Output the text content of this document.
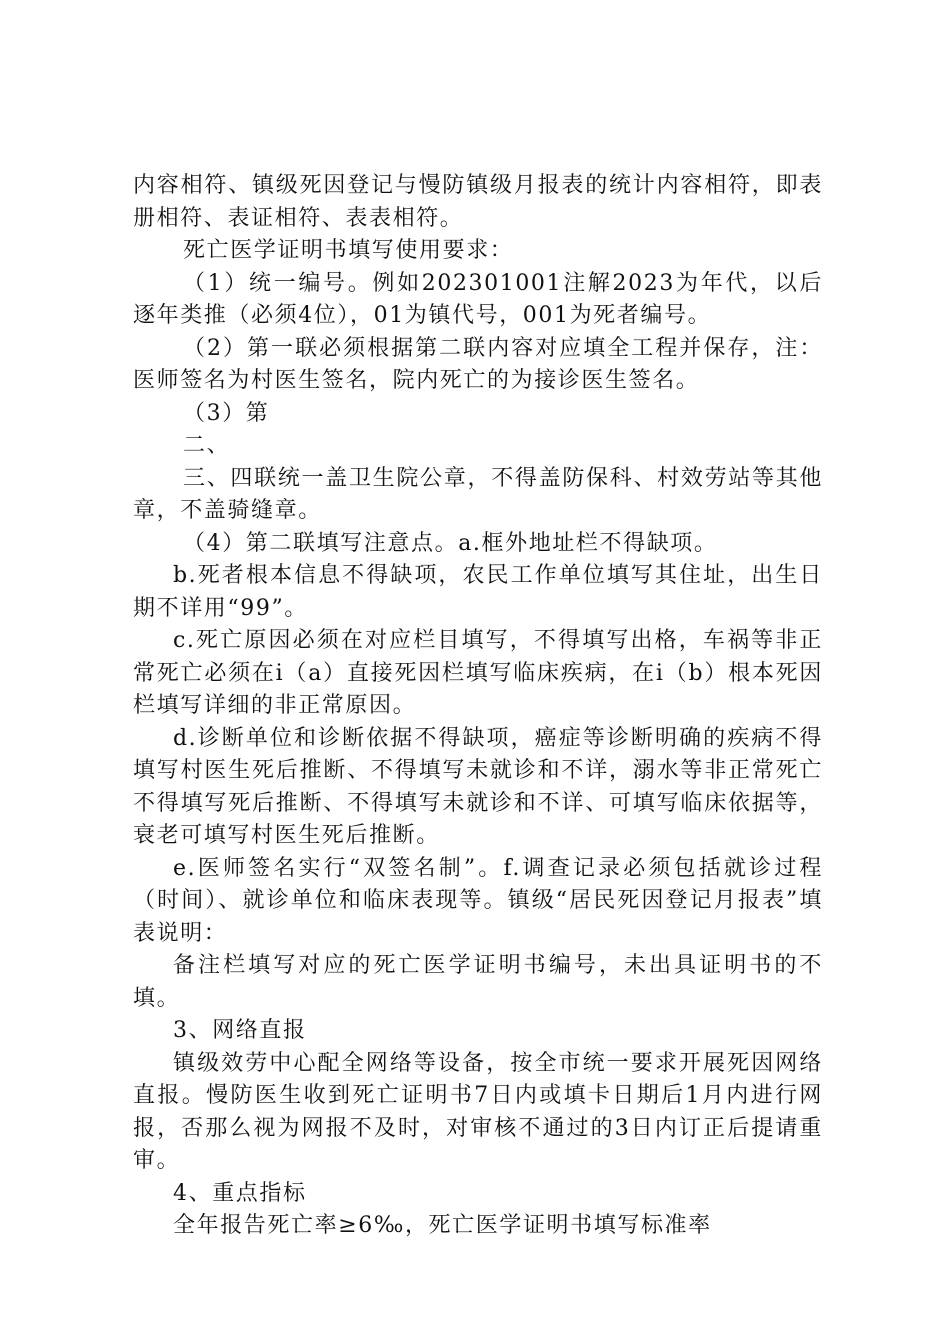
内容相符、镇级死因登记与慢防镇级月报表的统计内容相符，即表册相符、表证相符、表表相符。

死亡医学证明书填写使用要求：

（1）统一编号。例如202301001注解2023为年代，以后逐年类推（必须4位），01为镇代号，001为死者编号。

（2）第一联必须根据第二联内容对应填全工程并保存，注：医师签名为村医生签名，院内死亡的为接诊医生签名。

（3）第

二、

三、四联统一盖卫生院公章，不得盖防保科、村效劳站等其他章，不盖骑缝章。

（4）第二联填写注意点。a.框外地址栏不得缺项。

b.死者根本信息不得缺项，农民工作单位填写其住址，出生日期不详用“99”。

c.死亡原因必须在对应栏目填写，不得填写出格，车祸等非正常死亡必须在ⅰ（a）直接死因栏填写临床疾病，在ⅰ（b）根本死因栏填写详细的非正常原因。

d.诊断单位和诊断依据不得缺项，癌症等诊断明确的疾病不得填写村医生死后推断、不得填写未就诊和不详，溺水等非正常死亡不得填写死后推断、不得填写未就诊和不详、可填写临床依据等，衰老可填写村医生死后推断。

e.医师签名实行“双签名制”。f.调查记录必须包括就诊过程（时间）、就诊单位和临床表现等。镇级“居民死因登记月报表”填表说明：

备注栏填写对应的死亡医学证明书编号，未出具证明书的不填。

3、网络直报

镇级效劳中心配全网络等设备，按全市统一要求开展死因网络直报。慢防医生收到死亡证明书7日内或填卡日期后1月内进行网报，否那么视为网报不及时，对审核不通过的3日内订正后提请重审。

4、重点指标

全年报告死亡率≥6‰，死亡医学证明书填写标准率
